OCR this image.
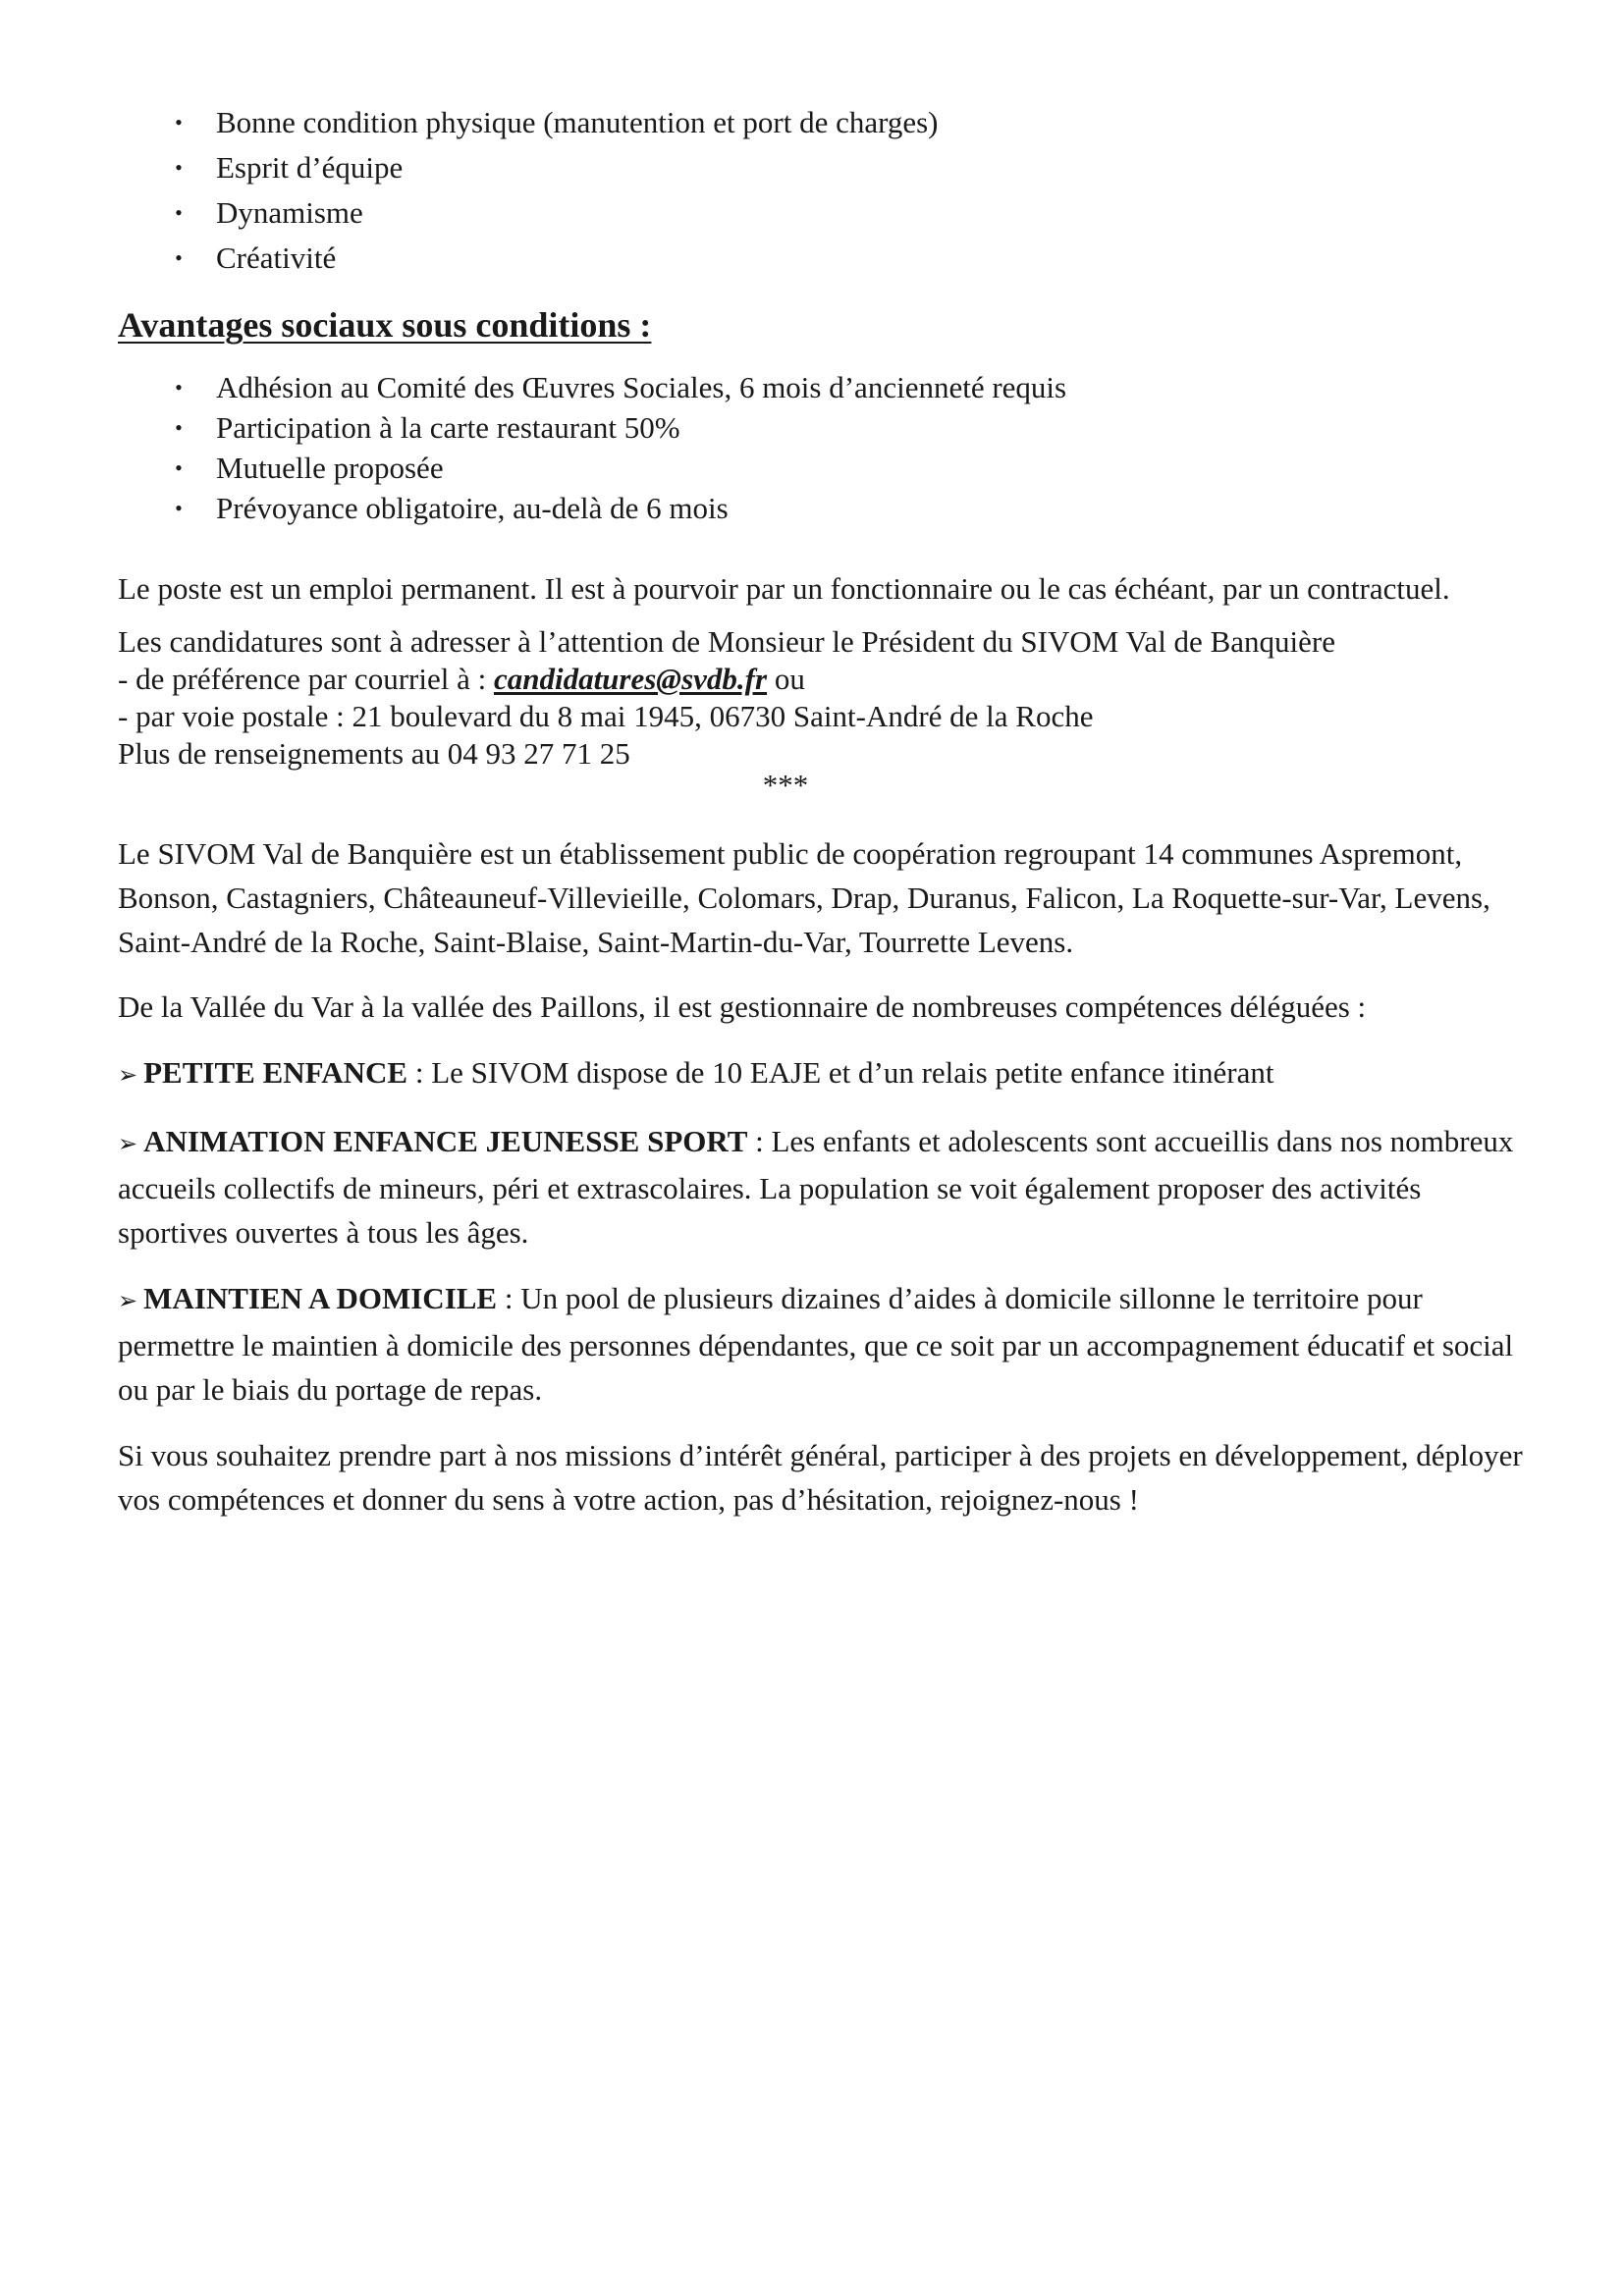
• Bonne condition physique (manutention et port de charges)
• Esprit d’équipe
• Dynamisme
• Créativité
Avantages sociaux sous conditions :
• Adhésion au Comité des Œuvres Sociales, 6 mois d’ancienneté requis
• Participation à la carte restaurant 50%
• Mutuelle proposée
• Prévoyance obligatoire, au-delà de 6 mois

Le poste est un emploi permanent. Il est à pourvoir par un fonctionnaire ou le cas échéant, par un contractuel.

Les candidatures sont à adresser à l’attention de Monsieur le Président du SIVOM Val de Banquière
- de préférence par courriel à : candidatures@svdb.fr ou
- par voie postale : 21 boulevard du 8 mai 1945, 06730 Saint-André de la Roche
Plus de renseignements au 04 93 27 71 25
***

Le SIVOM Val de Banquière est un établissement public de coopération regroupant 14 communes Aspremont, Bonson, Castagniers, Châteauneuf-Villevieille, Colomars, Drap, Duranus, Falicon, La Roquette-sur-Var, Levens, Saint-André de la Roche, Saint-Blaise, Saint-Martin-du-Var, Tourrette Levens.

De la Vallée du Var à la vallée des Paillons, il est gestionnaire de nombreuses compétences déléguées :

➢ PETITE ENFANCE : Le SIVOM dispose de 10 EAJE et d’un relais petite enfance itinérant

➢ ANIMATION ENFANCE JEUNESSE SPORT : Les enfants et adolescents sont accueillis dans nos nombreux accueils collectifs de mineurs, péri et extrascolaires. La population se voit également proposer des activités sportives ouvertes à tous les âges.

➢ MAINTIEN A DOMICILE : Un pool de plusieurs dizaines d’aides à domicile sillonne le territoire pour permettre le maintien à domicile des personnes dépendantes, que ce soit par un accompagnement éducatif et social ou par le biais du portage de repas.

Si vous souhaitez prendre part à nos missions d’intérêt général, participer à des projets en développement, déployer vos compétences et donner du sens à votre action, pas d’hésitation, rejoignez-nous !
